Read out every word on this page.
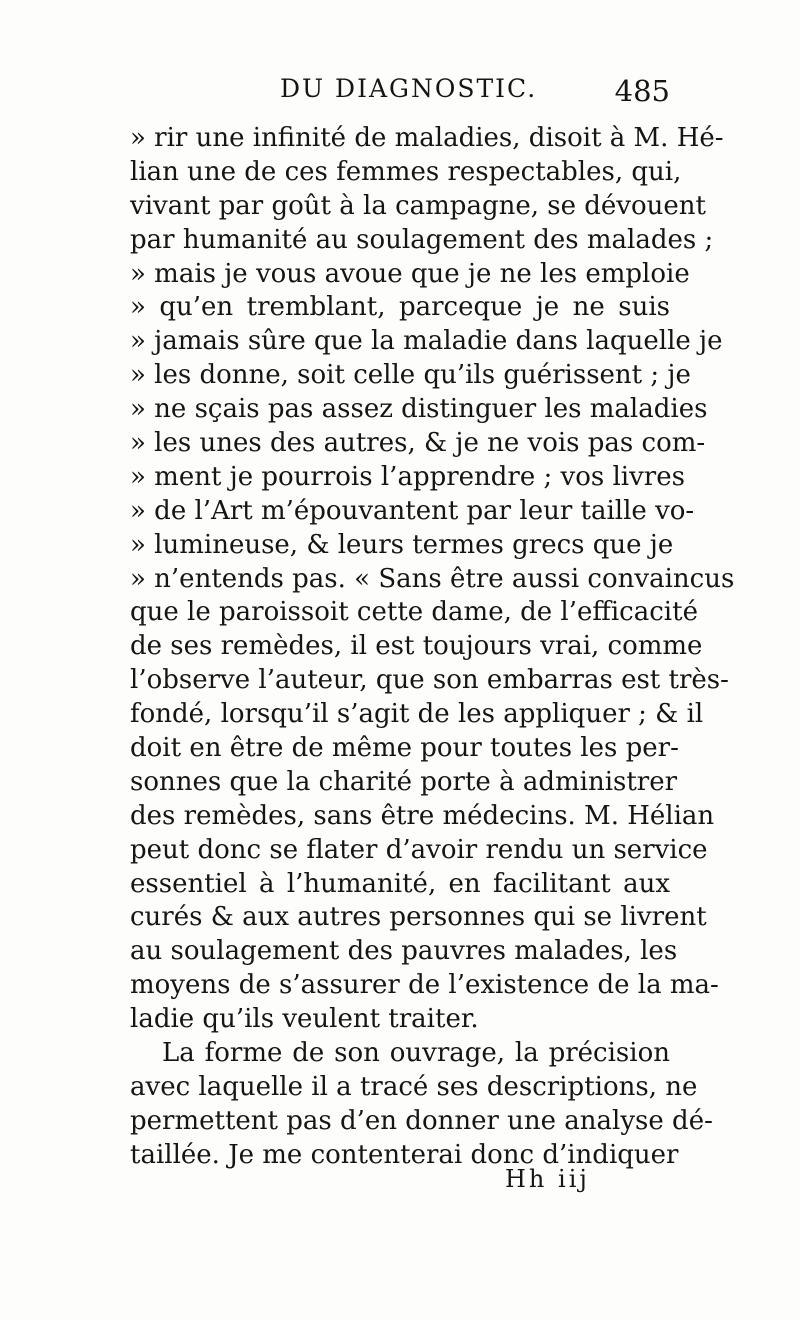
DU DIAGNOSTIC.	485
» rir une infinité de maladies, disoit à M. Hé-
lian une de ces femmes respectables, qui,
vivant par goût à la campagne, se dévouent
par humanité au soulagement des malades ;
» mais je vous avoue que je ne les emploie
» qu’en tremblant, parceque je ne suis
» jamais sûre que la maladie dans laquelle je
» les donne, soit celle qu’ils guérissent ; je
» ne sçais pas assez distinguer les maladies
» les unes des autres, & je ne vois pas com-
» ment je pourrois l’apprendre ; vos livres
» de l’Art m’épouvantent par leur taille vo-
» lumineuse, & leurs termes grecs que je
» n’entends pas. « Sans être aussi convaincus
que le paroissoit cette dame, de l’efficacité
de ses remèdes, il est toujours vrai, comme
l’observe l’auteur, que son embarras est très-
fondé, lorsqu’il s’agit de les appliquer ; & il
doit en être de même pour toutes les per-
sonnes que la charité porte à administrer
des remèdes, sans être médecins. M. Hélian
peut donc se flater d’avoir rendu un service
essentiel à l’humanité, en facilitant aux
curés & aux autres personnes qui se livrent
au soulagement des pauvres malades, les
moyens de s’assurer de l’existence de la ma-
ladie qu’ils veulent traiter.
La forme de son ouvrage, la précision
avec laquelle il a tracé ses descriptions, ne
permettent pas d’en donner une analyse dé-
taillée. Je me contenterai donc d’indiquer
Hh iij
